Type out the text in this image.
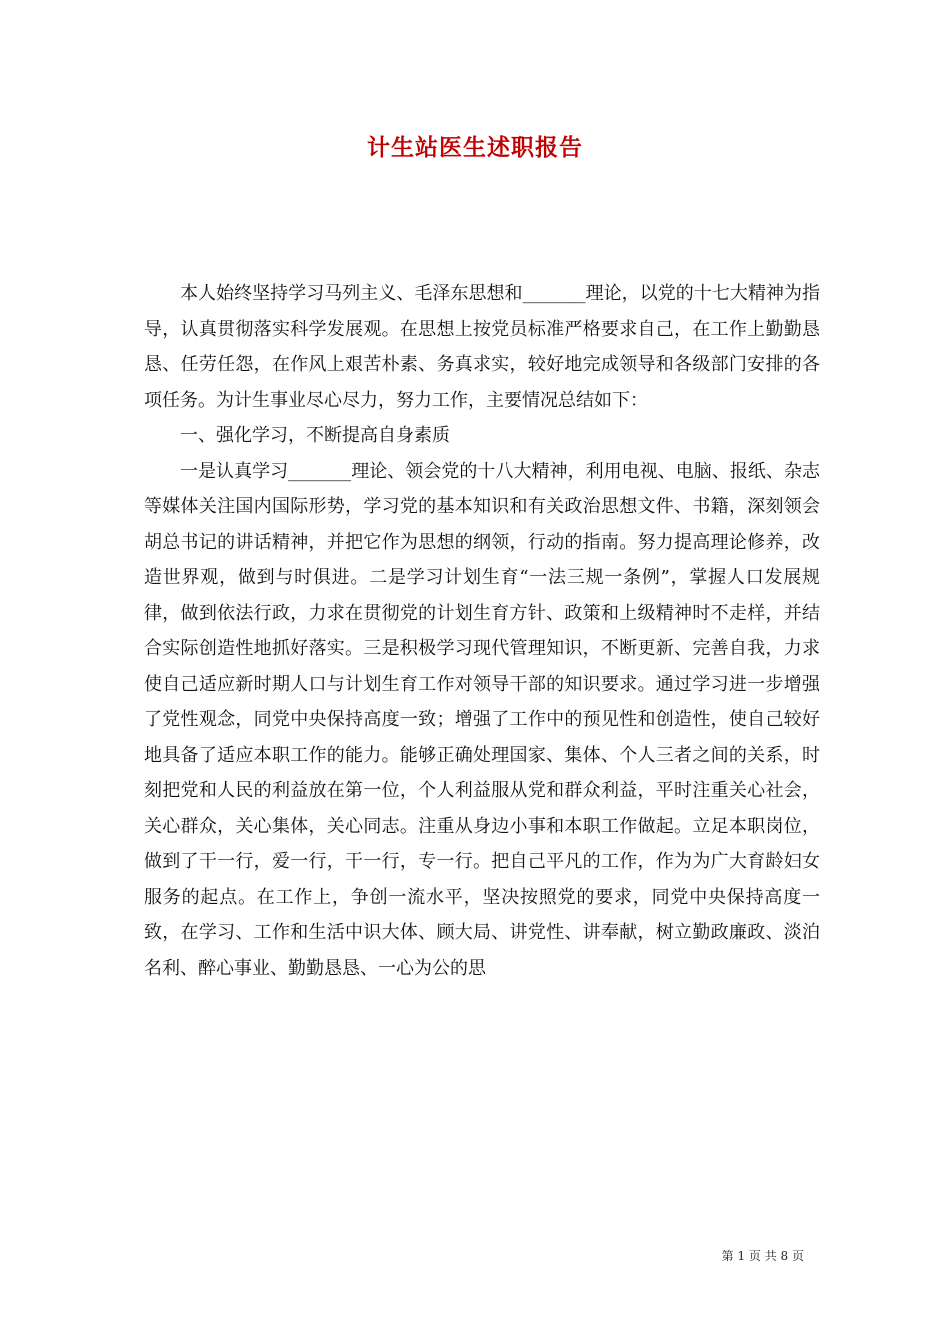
计生站医生述职报告

本人始终坚持学习马列主义、毛泽东思想和_______理论，以党的十七大精神为指导，认真贯彻落实科学发展观。在思想上按党员标准严格要求自己，在工作上勤勤恳恳、任劳任怨，在作风上艰苦朴素、务真求实，较好地完成领导和各级部门安排的各项任务。为计生事业尽心尽力，努力工作，主要情况总结如下：

一、强化学习，不断提高自身素质

一是认真学习_______理论、领会党的十八大精神，利用电视、电脑、报纸、杂志等媒体关注国内国际形势，学习党的基本知识和有关政治思想文件、书籍，深刻领会胡总书记的讲话精神，并把它作为思想的纲领，行动的指南。努力提高理论修养，改造世界观，做到与时俱进。二是学习计划生育“一法三规一条例”，掌握人口发展规律，做到依法行政，力求在贯彻党的计划生育方针、政策和上级精神时不走样，并结合实际创造性地抓好落实。三是积极学习现代管理知识，不断更新、完善自我，力求使自己适应新时期人口与计划生育工作对领导干部的知识要求。通过学习进一步增强了党性观念，同党中央保持高度一致；增强了工作中的预见性和创造性，使自己较好地具备了适应本职工作的能力。能够正确处理国家、集体、个人三者之间的关系，时刻把党和人民的利益放在第一位，个人利益服从党和群众利益，平时注重关心社会，关心群众，关心集体，关心同志。注重从身边小事和本职工作做起。立足本职岗位，做到了干一行，爱一行，干一行，专一行。把自己平凡的工作，作为为广大育龄妇女服务的起点。在工作上，争创一流水平，坚决按照党的要求，同党中央保持高度一致，在学习、工作和生活中识大体、顾大局、讲党性、讲奉献，树立勤政廉政、淡泊名利、醉心事业、勤勤恳恳、一心为公的思

第 1 页 共 8 页
